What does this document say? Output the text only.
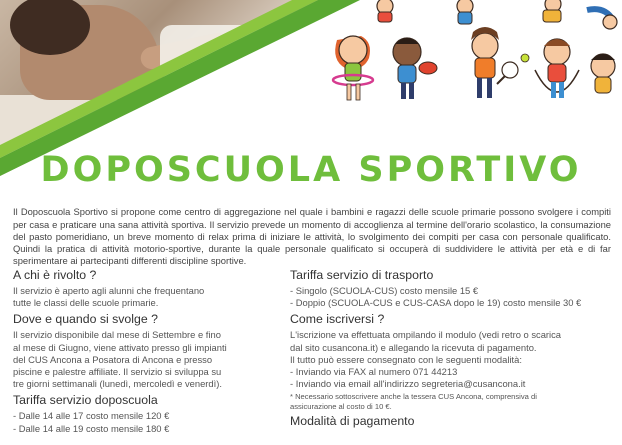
DOPOSCUOLA SPORTIVO

Il Doposcuola Sportivo si propone come centro di aggregazione nel quale i bambini e ragazzi delle scuole primarie possono svolgere i compiti per casa e praticare una sana attività sportiva. Il servizio prevede un momento di accoglienza al termine dell'orario scolastico, la consumazione del pasto pomeridiano, un breve momento di relax prima di iniziare le attività, lo svolgimento dei compiti per casa con personale qualificato. Quindi la pratica di attività motorio-sportive, durante la quale personale qualificato si occuperà di suddividere le attività per età e di far sperimentare ai partecipanti differenti discipline sportive.

A chi è rivolto ?

Il servizio è aperto agli alunni che frequentano

tutte le classi delle scuole primarie.

Dove e quando si svolge ?

Il servizio disponibile dal mese di Settembre e fino

al mese di Giugno, viene attivato presso gli impianti

del CUS Ancona a Posatora di Ancona e presso

piscine e palestre affiliate. Il servizio si sviluppa su

tre giorni settimanali (lunedì, mercoledì e venerdì).

Tariffa servizio doposcuola

- Dalle 14 alle 17 costo mensile 120 €

- Dalle 14 alle 19 costo mensile 180 €

Tariffa servizio di trasporto

- Singolo (SCUOLA-CUS) costo mensile 15 €

- Doppio (SCUOLA-CUS e CUS-CASA dopo le 19) costo mensile 30 €

Come iscriversi ?

L'iscrizione va effettuata ompilando il modulo (vedi retro o scarica

dal sito cusancona.it) e allegando la ricevuta di pagamento.

Il tutto può essere consegnato con le seguenti modalità:

- Inviando via FAX al numero 071 44213

- Inviando via email all'indirizzo segreteria@cusancona.it

* Necessario sottoscrivere anche la tessera CUS Ancona, comprensiva di
assicurazione al costo di 10 €.

Modalità di pagamento
